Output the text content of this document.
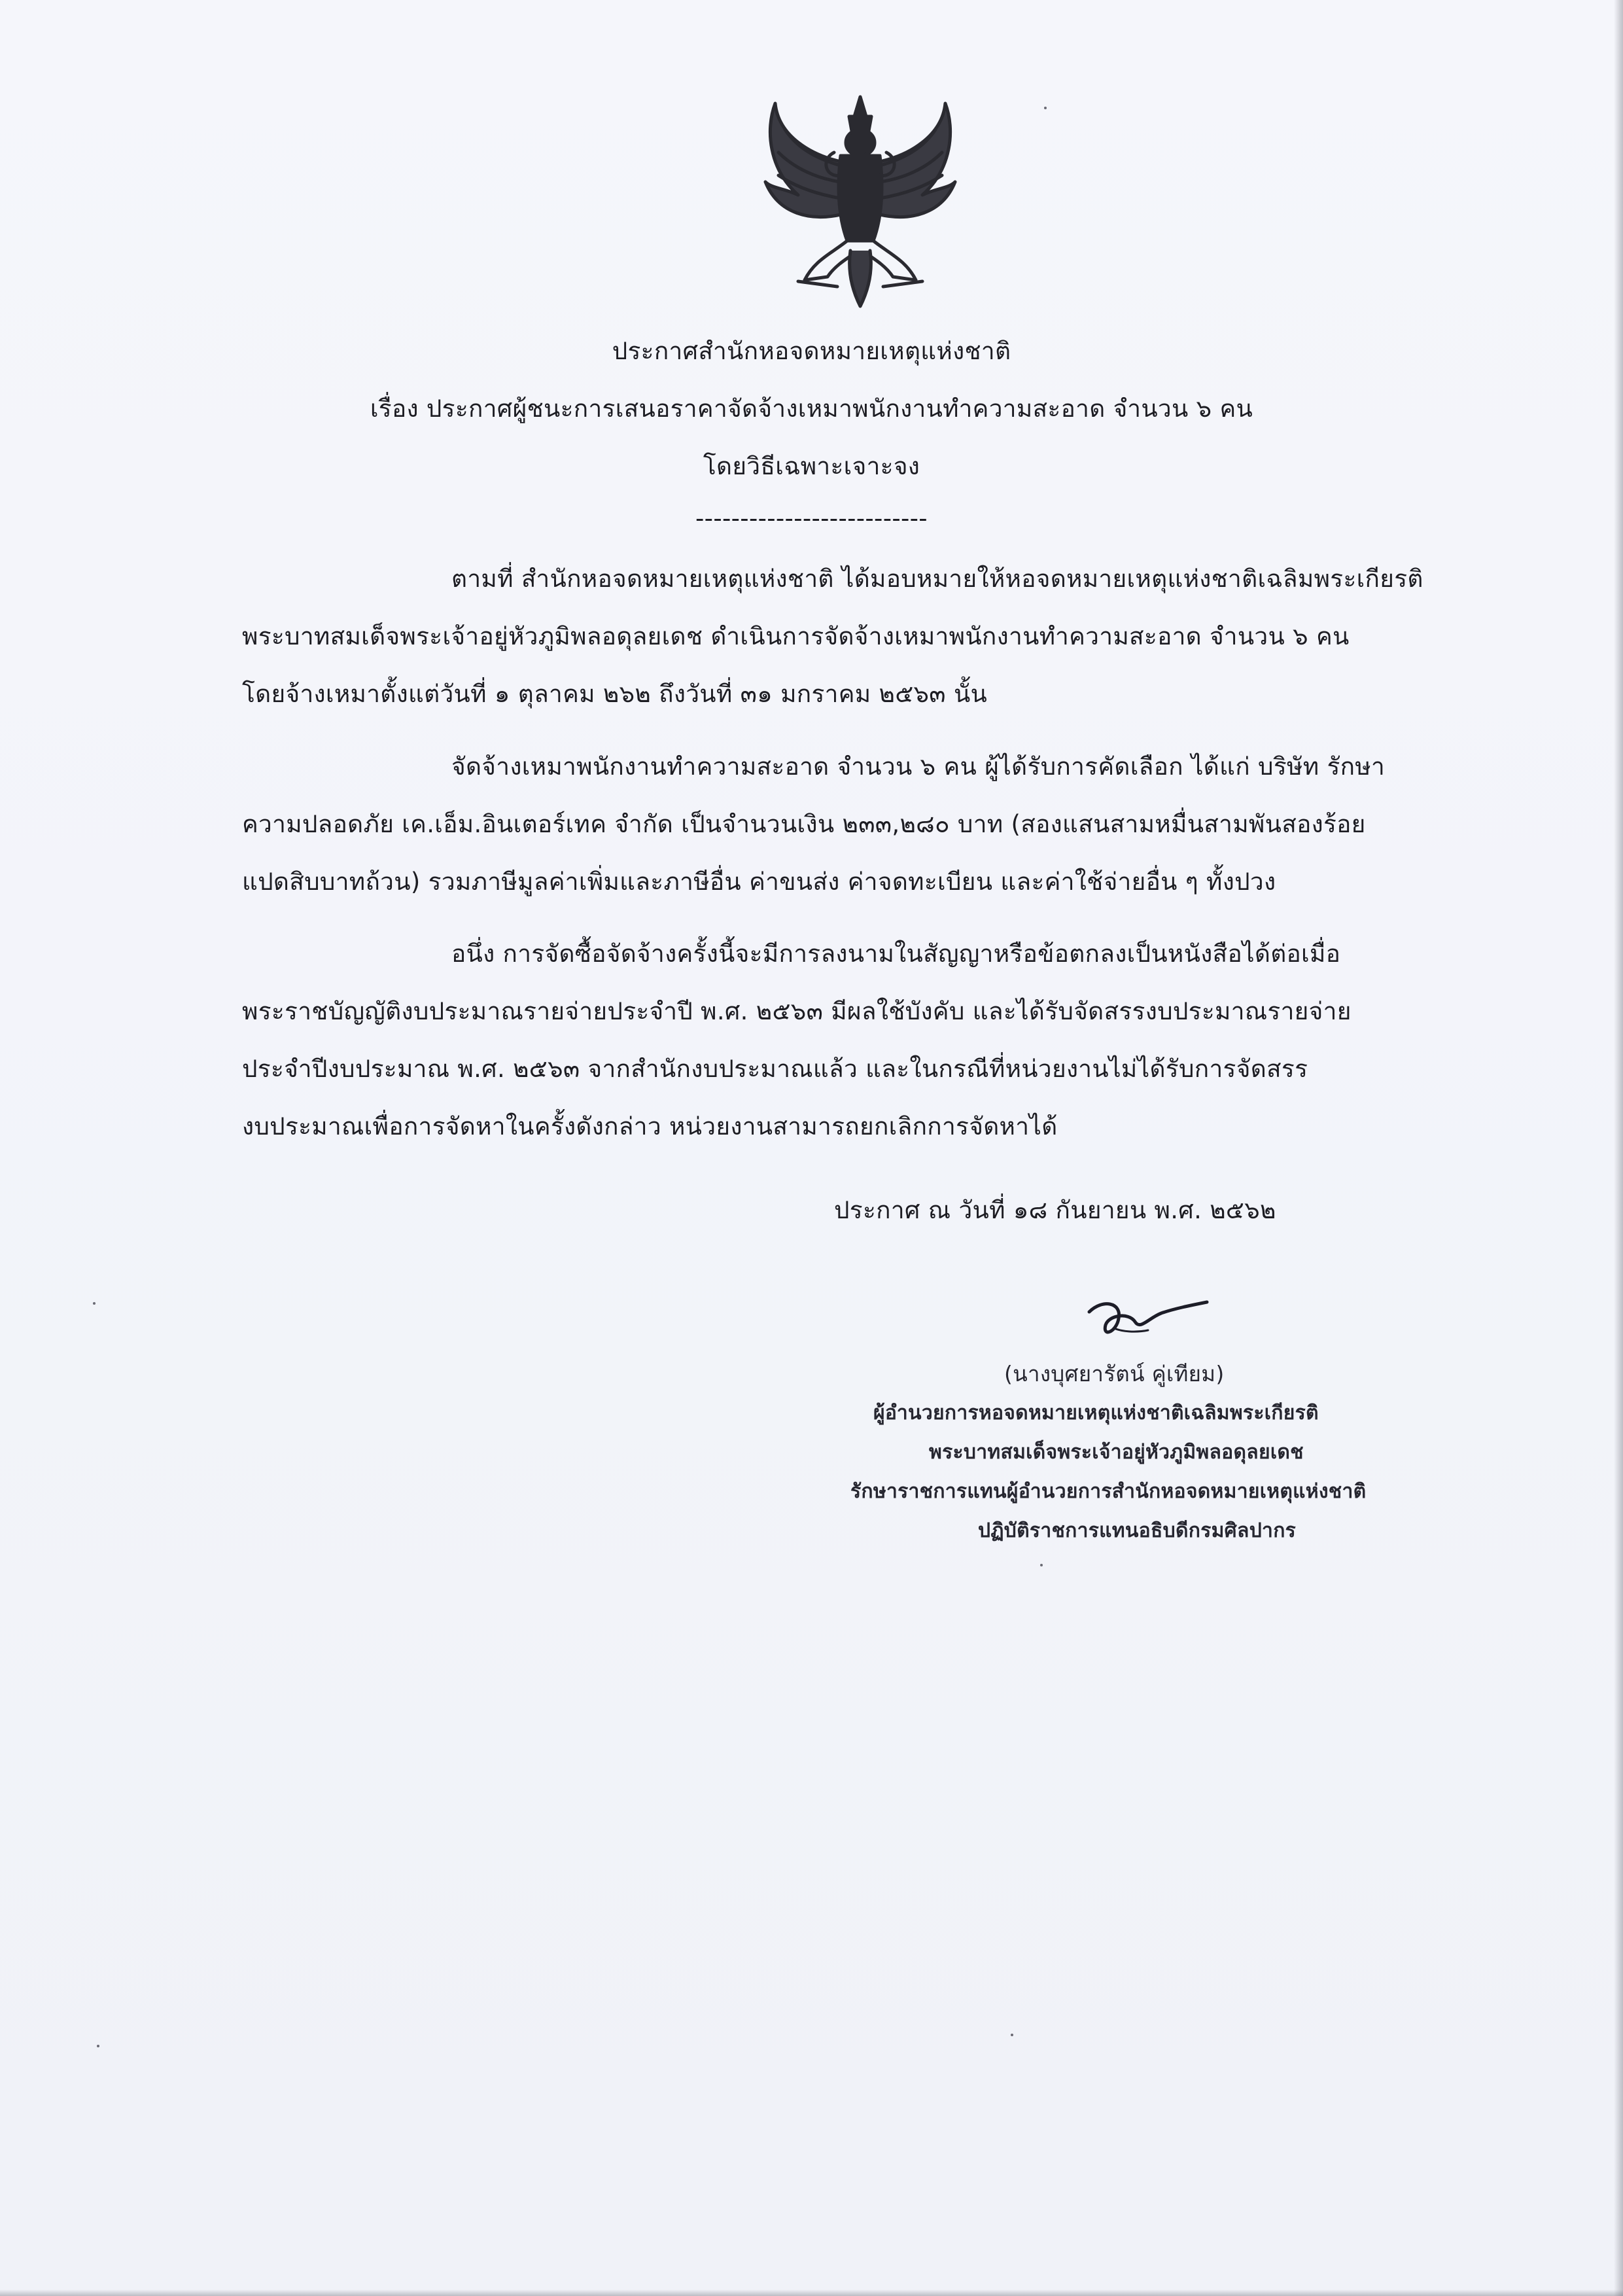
ประกาศสำนักหอจดหมายเหตุแห่งชาติ
เรื่อง ประกาศผู้ชนะการเสนอราคาจัดจ้างเหมาพนักงานทำความสะอาด จำนวน ๖ คน
โดยวิธีเฉพาะเจาะจง
--------------------------
ตามที่ สำนักหอจดหมายเหตุแห่งชาติ ได้มอบหมายให้หอจดหมายเหตุแห่งชาติเฉลิมพระเกียรติ
พระบาทสมเด็จพระเจ้าอยู่หัวภูมิพลอดุลยเดช ดำเนินการจัดจ้างเหมาพนักงานทำความสะอาด จำนวน ๖ คน
โดยจ้างเหมาตั้งแต่วันที่ ๑ ตุลาคม ๒๖๒ ถึงวันที่ ๓๑ มกราคม ๒๕๖๓ นั้น
จัดจ้างเหมาพนักงานทำความสะอาด จำนวน ๖ คน ผู้ได้รับการคัดเลือก ได้แก่ บริษัท รักษา
ความปลอดภัย เค.เอ็ม.อินเตอร์เทค จำกัด เป็นจำนวนเงิน ๒๓๓,๒๘๐ บาท (สองแสนสามหมื่นสามพันสองร้อย
แปดสิบบาทถ้วน) รวมภาษีมูลค่าเพิ่มและภาษีอื่น ค่าขนส่ง ค่าจดทะเบียน และค่าใช้จ่ายอื่น ๆ ทั้งปวง
อนึ่ง การจัดซื้อจัดจ้างครั้งนี้จะมีการลงนามในสัญญาหรือข้อตกลงเป็นหนังสือได้ต่อเมื่อ
พระราชบัญญัติงบประมาณรายจ่ายประจำปี พ.ศ. ๒๕๖๓ มีผลใช้บังคับ และได้รับจัดสรรงบประมาณรายจ่าย
ประจำปีงบประมาณ พ.ศ. ๒๕๖๓ จากสำนักงบประมาณแล้ว และในกรณีที่หน่วยงานไม่ได้รับการจัดสรร
งบประมาณเพื่อการจัดหาในครั้งดังกล่าว หน่วยงานสามารถยกเลิกการจัดหาได้
ประกาศ ณ วันที่ ๑๘ กันยายน พ.ศ. ๒๕๖๒
(นางบุศยารัตน์ คู่เทียม)
ผู้อำนวยการหอจดหมายเหตุแห่งชาติเฉลิมพระเกียรติ
พระบาทสมเด็จพระเจ้าอยู่หัวภูมิพลอดุลยเดช
รักษาราชการแทนผู้อำนวยการสำนักหอจดหมายเหตุแห่งชาติ
ปฏิบัติราชการแทนอธิบดีกรมศิลปากร
